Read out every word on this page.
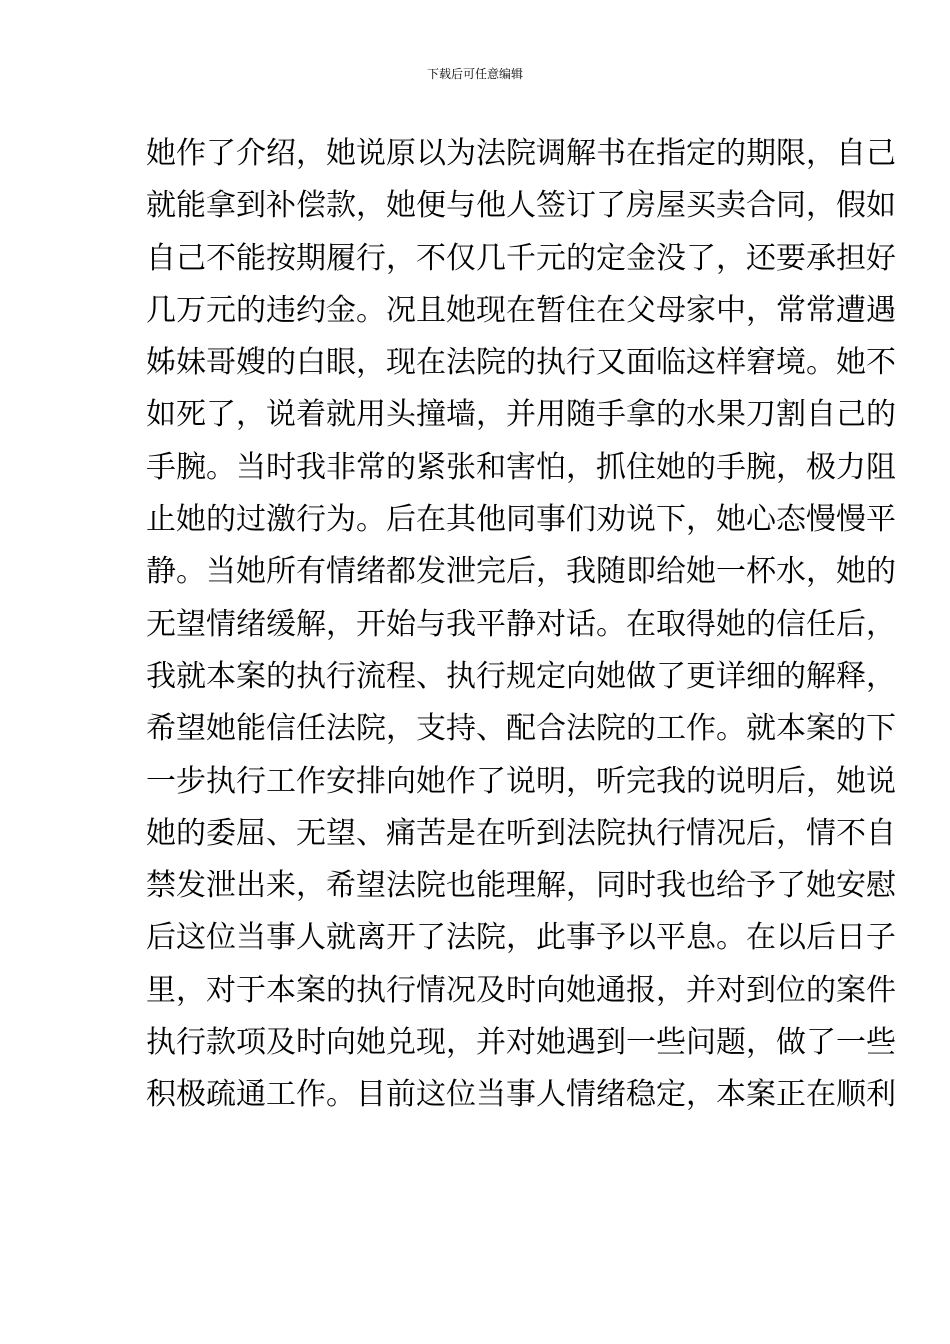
下载后可任意编辑
她作了介绍，她说原以为法院调解书在指定的期限，自己
就能拿到补偿款，她便与他人签订了房屋买卖合同，假如
自己不能按期履行，不仅几千元的定金没了，还要承担好
几万元的违约金。况且她现在暂住在父母家中，常常遭遇
姊妹哥嫂的白眼，现在法院的执行又面临这样窘境。她不
如死了，说着就用头撞墙，并用随手拿的水果刀割自己的
手腕。当时我非常的紧张和害怕，抓住她的手腕，极力阻
止她的过激行为。后在其他同事们劝说下，她心态慢慢平
静。当她所有情绪都发泄完后，我随即给她一杯水，她的
无望情绪缓解，开始与我平静对话。在取得她的信任后，
我就本案的执行流程、执行规定向她做了更详细的解释，
希望她能信任法院，支持、配合法院的工作。就本案的下
一步执行工作安排向她作了说明，听完我的说明后，她说
她的委屈、无望、痛苦是在听到法院执行情况后，情不自
禁发泄出来，希望法院也能理解，同时我也给予了她安慰
后这位当事人就离开了法院，此事予以平息。在以后日子
里，对于本案的执行情况及时向她通报，并对到位的案件
执行款项及时向她兑现，并对她遇到一些问题，做了一些
积极疏通工作。目前这位当事人情绪稳定，本案正在顺利
